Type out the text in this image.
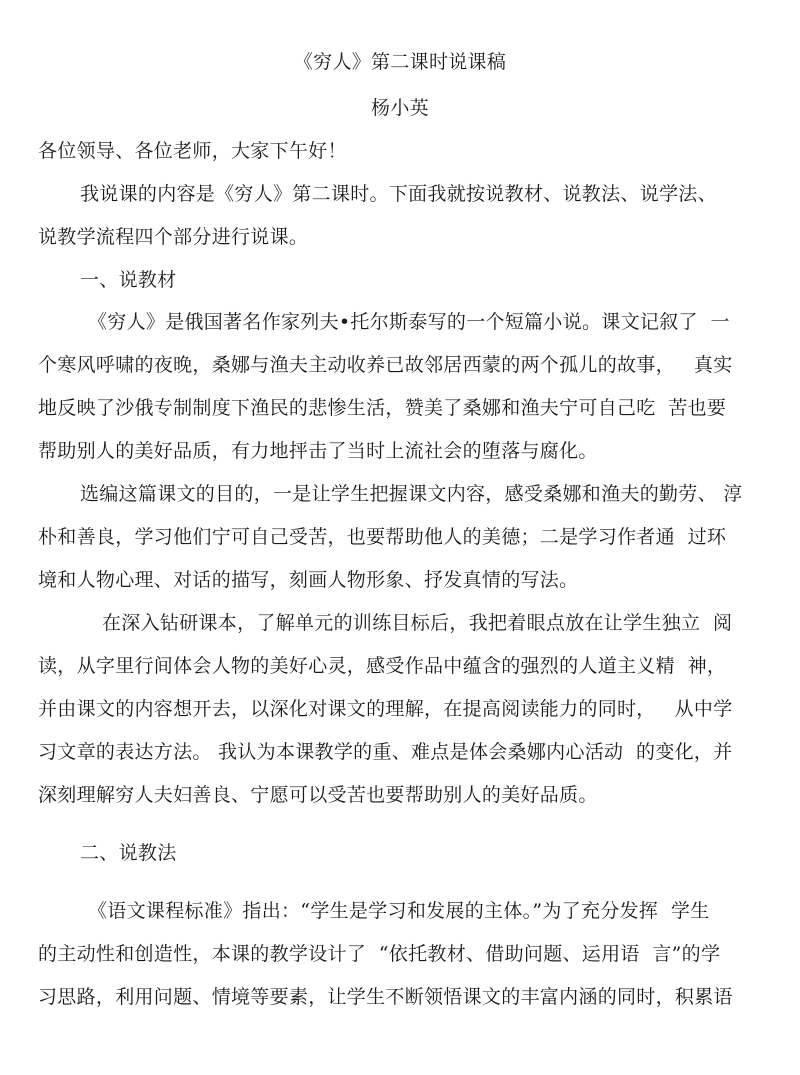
《穷人》第二课时说课稿
杨小英
各位领导、各位老师，大家下午好！
我说课的内容是《穷人》第二课时。下面我就按说教材、说教法、说学法、
说教学流程四个部分进行说课。
一、说教材
《穷人》是俄国著名作家列夫•托尔斯泰写的一个短篇小说。课文记叙了  一
个寒风呼啸的夜晚，桑娜与渔夫主动收养已故邻居西蒙的两个孤儿的故事，   真实
地反映了沙俄专制制度下渔民的悲惨生活，赞美了桑娜和渔夫宁可自己吃  苦也要
帮助别人的美好品质，有力地抨击了当时上流社会的堕落与腐化。
选编这篇课文的目的，一是让学生把握课文内容，感受桑娜和渔夫的勤劳、 淳
朴和善良，学习他们宁可自己受苦，也要帮助他人的美德；二是学习作者通  过环
境和人物心理、对话的描写，刻画人物形象、抒发真情的写法。
在深入钻研课本，了解单元的训练目标后，我把着眼点放在让学生独立  阅
读，从字里行间体会人物的美好心灵，感受作品中蕴含的强烈的人道主义精  神，
并由课文的内容想开去，以深化对课文的理解，在提高阅读能力的同时，   从中学
习文章的表达方法。 我认为本课教学的重、难点是体会桑娜内心活动  的变化，并
深刻理解穷人夫妇善良、宁愿可以受苦也要帮助别人的美好品质。
二、说教法
《语文课程标准》指出：“学生是学习和发展的主体。”为了充分发挥  学生
的主动性和创造性，本课的教学设计了  “依托教材、借助问题、运用语  言”的学
习思路，利用问题、情境等要素，让学生不断领悟课文的丰富内涵的同时，积累语
